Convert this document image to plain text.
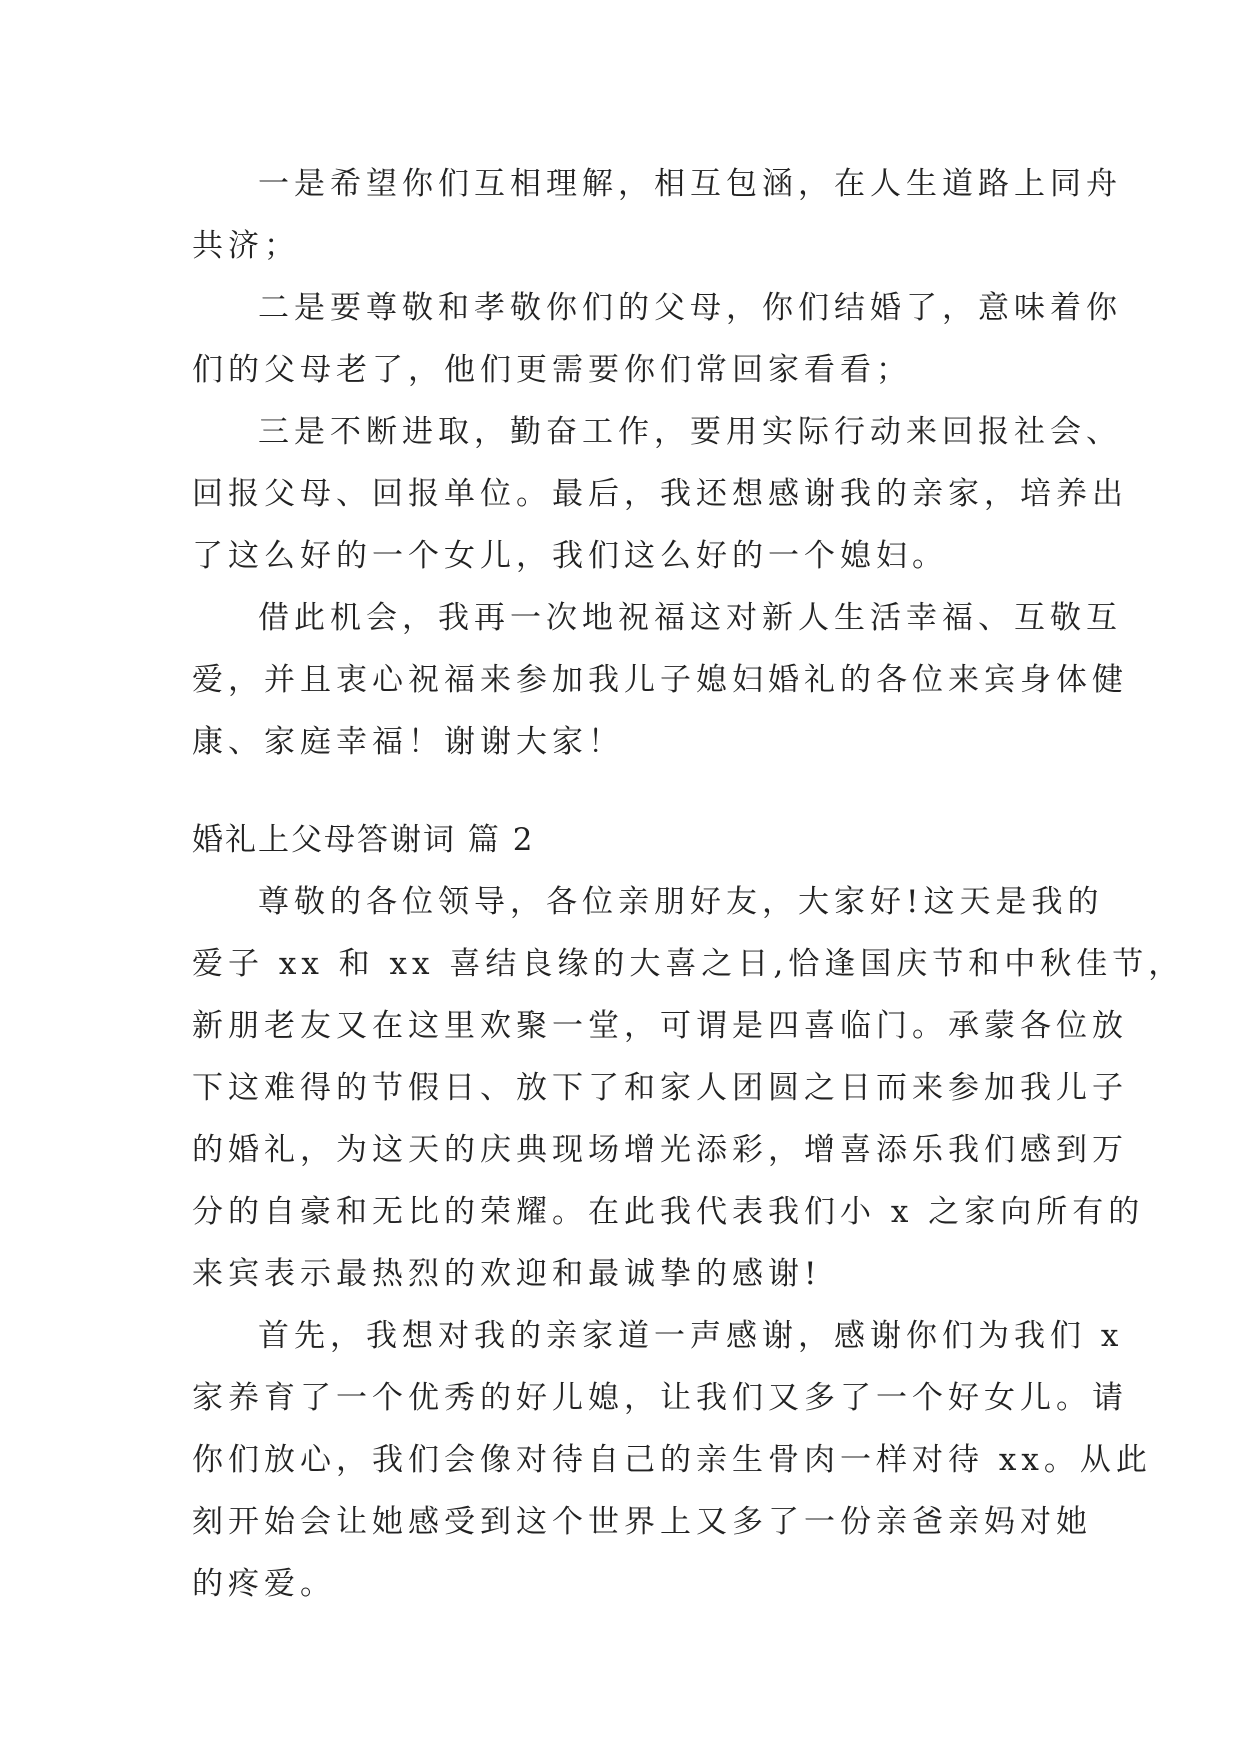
一是希望你们互相理解，相互包涵，在人生道路上同舟
共济；
二是要尊敬和孝敬你们的父母，你们结婚了，意味着你
们的父母老了，他们更需要你们常回家看看；
三是不断进取，勤奋工作，要用实际行动来回报社会、
回报父母、回报单位。最后，我还想感谢我的亲家，培养出
了这么好的一个女儿，我们这么好的一个媳妇。
借此机会，我再一次地祝福这对新人生活幸福、互敬互
爱，并且衷心祝福来参加我儿子媳妇婚礼的各位来宾身体健
康、家庭幸福！谢谢大家！
婚礼上父母答谢词 篇 2
尊敬的各位领导，各位亲朋好友，大家好!这天是我的
爱子 xx 和 xx 喜结良缘的大喜之日,恰逢国庆节和中秋佳节，
新朋老友又在这里欢聚一堂，可谓是四喜临门。承蒙各位放
下这难得的节假日、放下了和家人团圆之日而来参加我儿子
的婚礼，为这天的庆典现场增光添彩，增喜添乐我们感到万
分的自豪和无比的荣耀。在此我代表我们小 x 之家向所有的
来宾表示最热烈的欢迎和最诚挚的感谢!
首先，我想对我的亲家道一声感谢，感谢你们为我们 x
家养育了一个优秀的好儿媳，让我们又多了一个好女儿。请
你们放心，我们会像对待自己的亲生骨肉一样对待 xx。从此
刻开始会让她感受到这个世界上又多了一份亲爸亲妈对她
的疼爱。
